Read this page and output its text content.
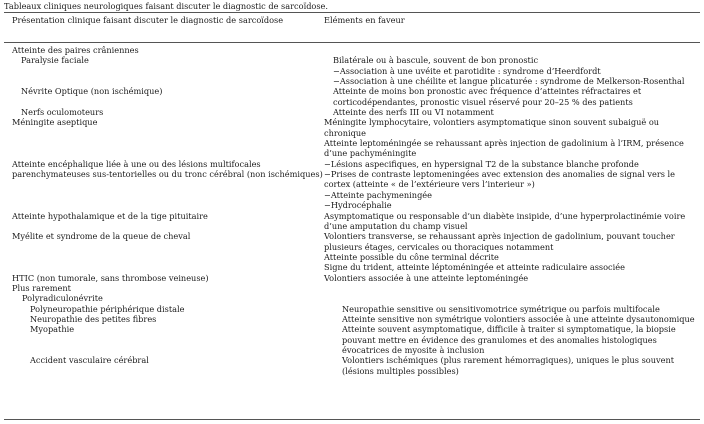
Tableaux cliniques neurologiques faisant discuter le diagnostic de sarcoïdose.
Présentation clinique faisant discuter le diagnostic de sarcoïdose	Eléments en faveur
Atteinte des paires crâniennes
Paralysie faciale	Bilatérale ou à bascule, souvent de bon pronostic
−Association à une uvéite et parotidite : syndrome d’Heerdfordt
−Association à une chéilite et langue plicaturée : syndrome de Melkerson-Rosenthal
Névrite Optique (non ischémique)	Atteinte de moins bon pronostic avec fréquence d’atteintes réfractaires et corticodépendantes, pronostic visuel réservé pour 20–25 % des patients
Nerfs oculomoteurs	Atteinte des nerfs III ou VI notamment
Méningite aseptique	Méningite lymphocytaire, volontiers asymptomatique sinon souvent subaiguë ou chronique
Atteinte leptoméningée se rehaussant après injection de gadolinium à l’IRM, présence d’une pachyméningite
Atteinte encéphalique liée à une ou des lésions multifocales parenchymateuses sus-tentorielles ou du tronc cérébral (non ischémiques)
−Lésions aspecifiques, en hypersignal T2 de la substance blanche profonde
−Prises de contraste leptomeningées avec extension des anomalies de signal vers le cortex (atteinte « de l’extérieure vers l’interieur »)
−Atteinte pachymeningée
−Hydrocéphalie
Atteinte hypothalamique et de la tige pituitaire	Asymptomatique ou responsable d’un diabète insipide, d’une hyperprolactinémie voire d’une amputation du champ visuel
Myélite et syndrome de la queue de cheval	Volontiers transverse, se rehaussant après injection de gadolinium, pouvant toucher plusieurs étages, cervicales ou thoraciques notamment
Atteinte possible du cône terminal décrite
Signe du trident, atteinte léptoméningée et atteinte radiculaire associée
HTIC (non tumorale, sans thrombose veineuse)	Volontiers associée à une atteinte leptoméningée
Plus rarement
Polyradiculonévrite
Polyneuropathie périphérique distale	Neuropathie sensitive ou sensitivomotrice symétrique ou parfois multifocale
Neuropathie des petites fibres	Atteinte sensitive non symétrique volontiers associée à une atteinte dysautonomique
Myopathie	Atteinte souvent asymptomatique, difficile à traiter si symptomatique, la biopsie pouvant mettre en évidence des granulomes et des anomalies histologiques évocatrices de myosite à inclusion
Accident vasculaire cérébral	Volontiers ischémiques (plus rarement hémorragiques), uniques le plus souvent (lésions multiples possibles)
